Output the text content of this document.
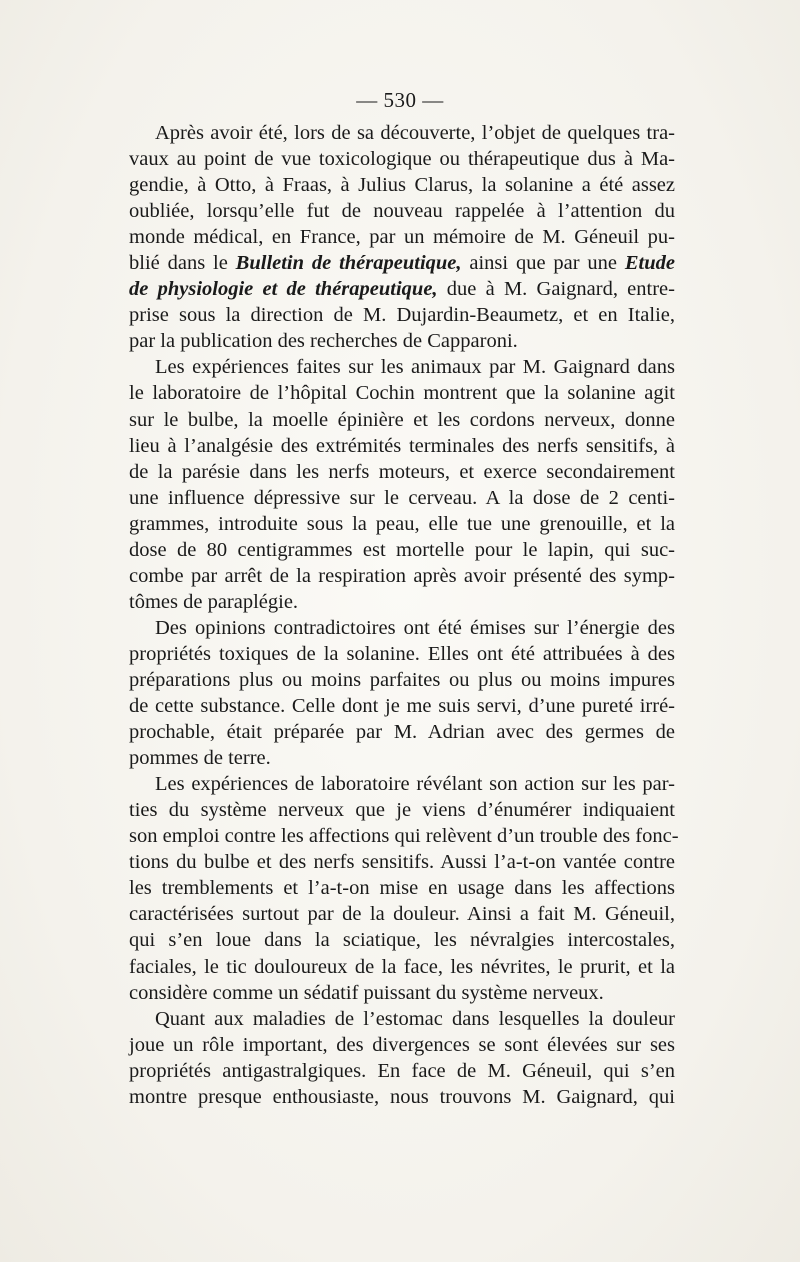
— 530 —
Après avoir été, lors de sa découverte, l’objet de quelques tra-
vaux au point de vue toxicologique ou thérapeutique dus à Ma-
gendie, à Otto, à Fraas, à Julius Clarus, la solanine a été assez
oubliée, lorsqu’elle fut de nouveau rappelée à l’attention du
monde médical, en France, par un mémoire de M. Géneuil pu-
blié dans le Bulletin de thérapeutique, ainsi que par une Etude
de physiologie et de thérapeutique, due à M. Gaignard, entre-
prise sous la direction de M. Dujardin-Beaumetz, et en Italie,
par la publication des recherches de Capparoni.
Les expériences faites sur les animaux par M. Gaignard dans
le laboratoire de l’hôpital Cochin montrent que la solanine agit
sur le bulbe, la moelle épinière et les cordons nerveux, donne
lieu à l’analgésie des extrémités terminales des nerfs sensitifs, à
de la parésie dans les nerfs moteurs, et exerce secondairement
une influence dépressive sur le cerveau. A la dose de 2 centi-
grammes, introduite sous la peau, elle tue une grenouille, et la
dose de 80 centigrammes est mortelle pour le lapin, qui suc-
combe par arrêt de la respiration après avoir présenté des symp-
tômes de paraplégie.
Des opinions contradictoires ont été émises sur l’énergie des
propriétés toxiques de la solanine. Elles ont été attribuées à des
préparations plus ou moins parfaites ou plus ou moins impures
de cette substance. Celle dont je me suis servi, d’une pureté irré-
prochable, était préparée par M. Adrian avec des germes de
pommes de terre.
Les expériences de laboratoire révélant son action sur les par-
ties du système nerveux que je viens d’énumérer indiquaient
son emploi contre les affections qui relèvent d’un trouble des fonc-
tions du bulbe et des nerfs sensitifs. Aussi l’a-t-on vantée contre
les tremblements et l’a-t-on mise en usage dans les affections
caractérisées surtout par de la douleur. Ainsi a fait M. Géneuil,
qui s’en loue dans la sciatique, les névralgies intercostales,
faciales, le tic douloureux de la face, les névrites, le prurit, et la
considère comme un sédatif puissant du système nerveux.
Quant aux maladies de l’estomac dans lesquelles la douleur
joue un rôle important, des divergences se sont élevées sur ses
propriétés antigastralgiques. En face de M. Géneuil, qui s’en
montre presque enthousiaste, nous trouvons M. Gaignard, qui
